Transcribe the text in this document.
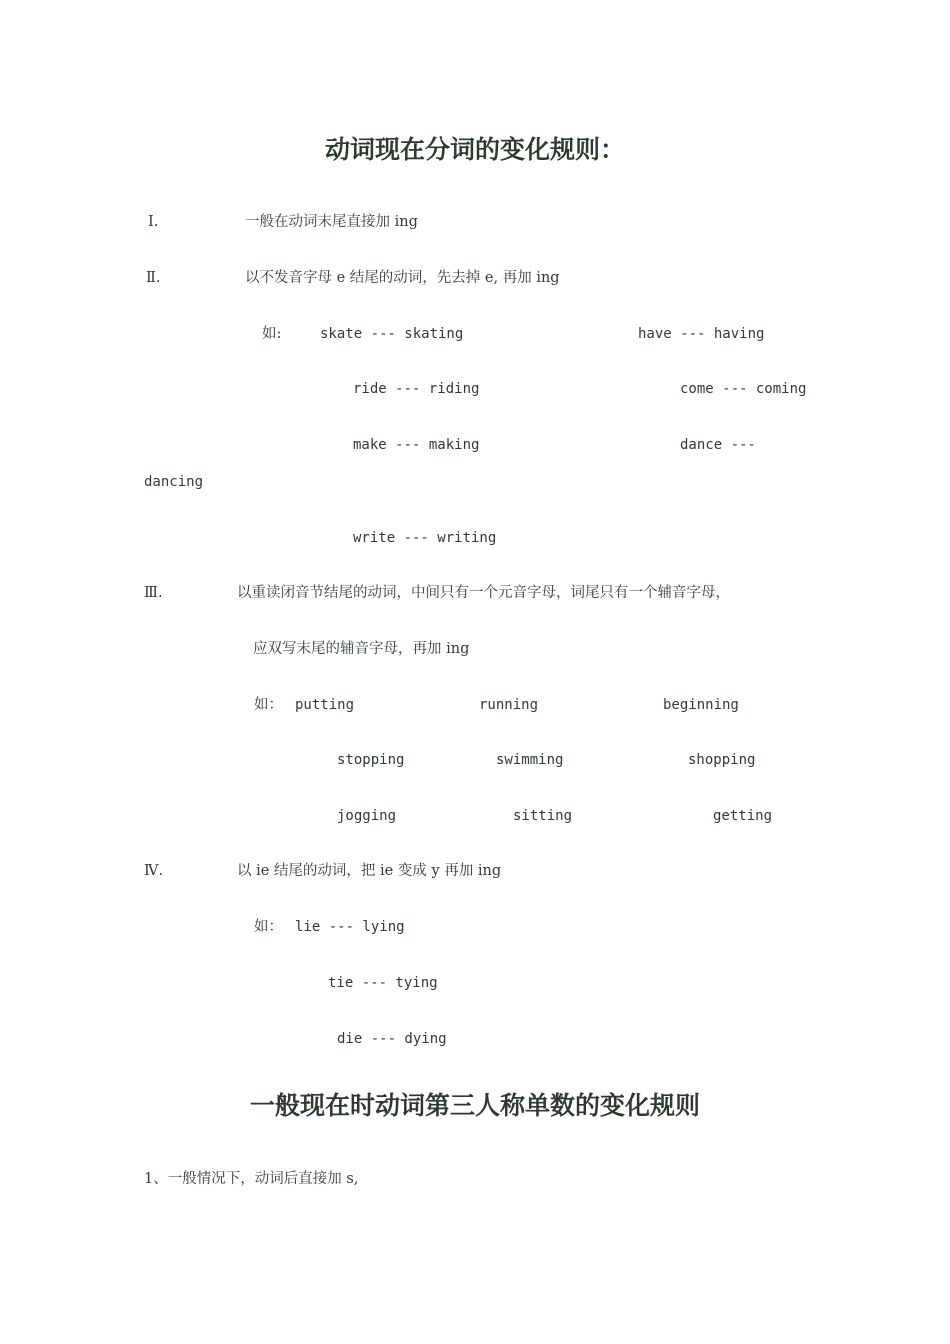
动词现在分词的变化规则：
Ⅰ.	一般在动词末尾直接加 ing
Ⅱ.	以不发音字母 e 结尾的动词，先去掉 e, 再加 ing
如:	skate --- skating	have --- having
ride --- riding	come --- coming
make --- making	dance ---
dancing
write --- writing
Ⅲ.	以重读闭音节结尾的动词，中间只有一个元音字母，词尾只有一个辅音字母，
应双写末尾的辅音字母，再加 ing
如： putting	running	beginning
stopping	swimming	shopping
jogging	sitting	getting
Ⅳ.	以 ie 结尾的动词，把 ie 变成 y 再加 ing
如： lie --- lying
tie --- tying
die --- dying
一般现在时动词第三人称单数的变化规则
1、一般情况下，动词后直接加 s,
